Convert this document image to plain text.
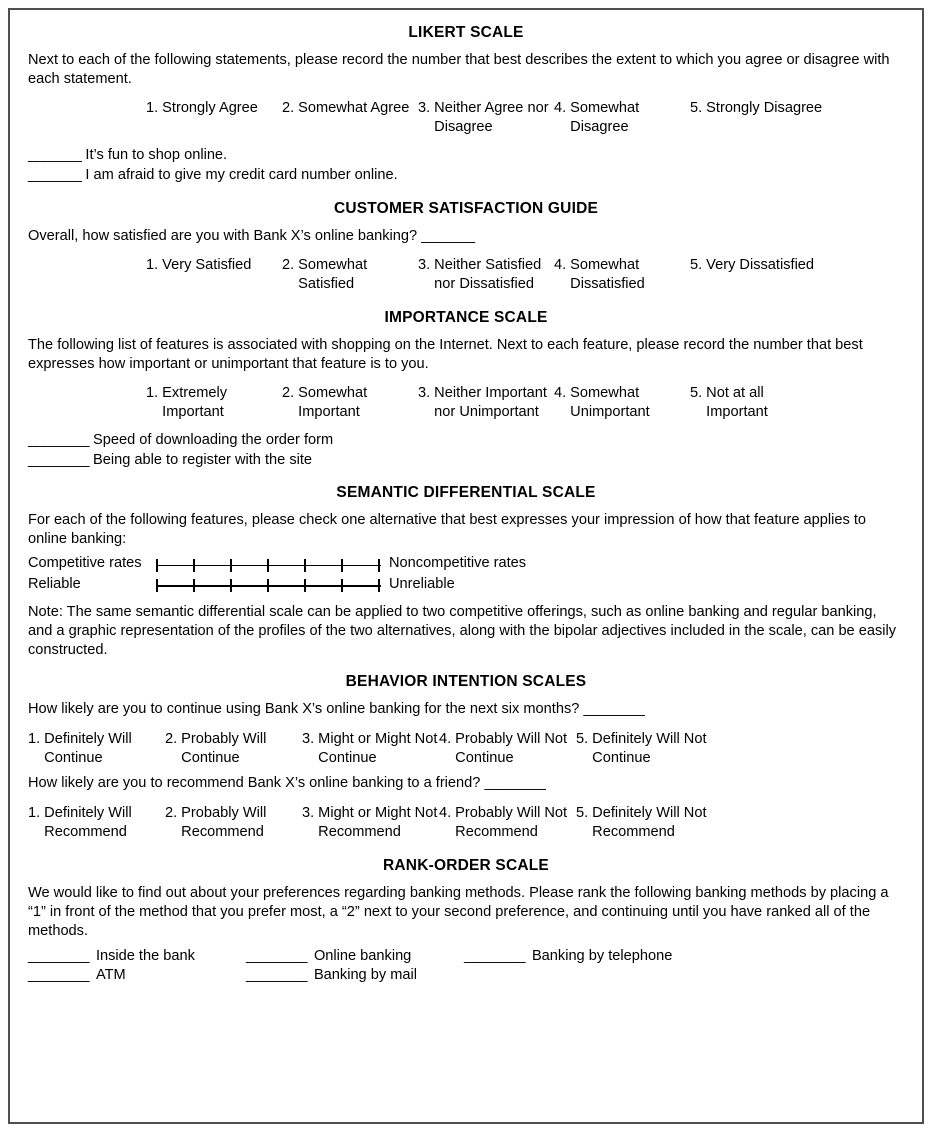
LIKERT SCALE

Next to each of the following statements, please record the number that best describes the extent to which you agree or disagree with each statement.

1. Strongly Agree	2. Somewhat Agree 3. Neither Agree nor Disagree
4. Somewhat Disagree
5. Strongly Disagree

_______ It’s fun to shop online.

_______ I am afraid to give my credit card number online.

CUSTOMER SATISFACTION GUIDE

Overall, how satisfied are you with Bank X’s online banking? _______

1. Very Satisfied	2. Somewhat Satisfied
3. Neither Satisfied nor Dissatisfied
4. Somewhat Dissatisfied
5. Very Dissatisfied
IMPORTANCE SCALE

The following list of features is associated with shopping on the Internet. Next to each feature, please record the number that best expresses how important or unimportant that feature is to you.

1. Extremely Important
2. Somewhat Important
3. Neither Important nor Unimportant
4. Somewhat Unimportant
5. Not at all Important

________ Speed of downloading the order form

________ Being able to register with the site

SEMANTIC DIFFERENTIAL SCALE

For each of the following features, please check one alternative that best expresses your impression of how that feature applies to online banking:

Competitive rates	Noncompetitive rates
Reliable	Unreliable

Note: The same semantic differential scale can be applied to two competitive offerings, such as online banking and regular banking, and a graphic representation of the profiles of the two alternatives, along with the bipolar adjectives included in the scale, can be easily constructed.

BEHAVIOR INTENTION SCALES

How likely are you to continue using Bank X’s online banking for the next six months? ________

1. Definitely Will Continue
2. Probably Will Continue
3. Might or Might Not Continue
4. Probably Will Not Continue
5. Definitely Will Not Continue

How likely are you to recommend Bank X’s online banking to a friend? ________

1. Definitely Will Recommend
2. Probably Will Recommend
3. Might or Might Not Recommend
4. Probably Will Not Recommend
5. Definitely Will Not Recommend
RANK-ORDER SCALE

We would like to find out about your preferences regarding banking methods. Please rank the following banking methods by placing a “1” in front of the method that you prefer most, a “2” next to your second preference, and continuing until you have ranked all of the methods.

________ Inside the bank	________ Online banking	________ Banking by telephone
________ ATM	________ Banking by mail
